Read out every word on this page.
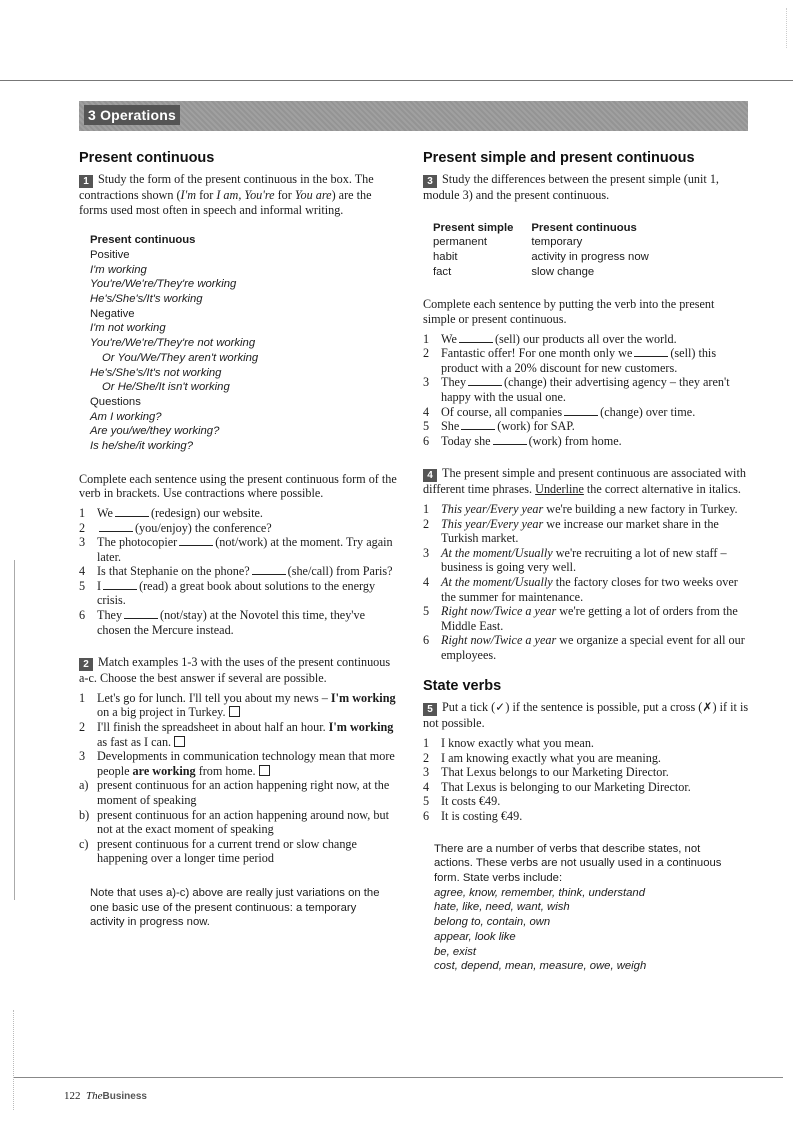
3 Operations
Present continuous

1 Study the form of the present continuous in the box. The contractions shown (I'm for I am, You're for You are) are the forms used most often in speech and informal writing.

Present continuous
Positive
I'm working
You're/We're/They're working
He's/She's/It's working
Negative
I'm not working
You're/We're/They're not working
Or You/We/They aren't working
He's/She's/It's not working
Or He/She/It isn't working
Questions
Am I working?
Are you/we/they working?
Is he/she/it working?

Complete each sentence using the present continuous form of the verb in brackets. Use contractions where possible.

1 We	(redesign) our website.
2	(you/enjoy) the conference?
3 The photocopier	(not/work) at the moment. Try again later.
4 Is that Stephanie on the phone?	(she/call) from Paris?
5 I	(read) a great book about solutions to the energy crisis.
6 They	(not/stay) at the Novotel this time, they've chosen the Mercure instead.

2 Match examples 1-3 with the uses of the present continuous a-c. Choose the best answer if several are possible.

1 Let's go for lunch. I'll tell you about my news – I'm working on a big project in Turkey.
2 I'll finish the spreadsheet in about half an hour. I'm working as fast as I can.
3 Developments in communication technology mean that more people are working from home.
a) present continuous for an action happening right now, at the moment of speaking
b) present continuous for an action happening around now, but not at the exact moment of speaking
c) present continuous for a current trend or slow change happening over a longer time period

Note that uses a)-c) above are really just variations on the one basic use of the present continuous: a temporary activity in progress now.

Present simple and present continuous

3 Study the differences between the present simple (unit 1, module 3) and the present continuous.

Present simple	Present continuous
permanent	temporary
habit	activity in progress now
fact	slow change

Complete each sentence by putting the verb into the present simple or present continuous.

1 We	(sell) our products all over the world.
2 Fantastic offer! For one month only we	(sell) this product with a 20% discount for new customers.
3 They	(change) their advertising agency – they aren't happy with the usual one.
4 Of course, all companies	(change) over time.
5 She	(work) for SAP.
6 Today she	(work) from home.

4 The present simple and present continuous are associated with different time phrases. Underline the correct alternative in italics.

1 This year/Every year we're building a new factory in Turkey.
2 This year/Every year we increase our market share in the Turkish market.
3 At the moment/Usually we're recruiting a lot of new staff – business is going very well.
4 At the moment/Usually the factory closes for two weeks over the summer for maintenance.
5 Right now/Twice a year we're getting a lot of orders from the Middle East.
6 Right now/Twice a year we organize a special event for all our employees.
State verbs

5 Put a tick (✓) if the sentence is possible, put a cross (✗) if it is not possible.

1 I know exactly what you mean.
2 I am knowing exactly what you are meaning.
3 That Lexus belongs to our Marketing Director.
4 That Lexus is belonging to our Marketing Director.
5 It costs €49.
6 It is costing €49.
There are a number of verbs that describe states, not actions. These verbs are not usually used in a continuous form. State verbs include:
agree, know, remember, think, understand
hate, like, need, want, wish
belong to, contain, own
appear, look like
be, exist
cost, depend, mean, measure, owe, weigh
122 TheBusiness
